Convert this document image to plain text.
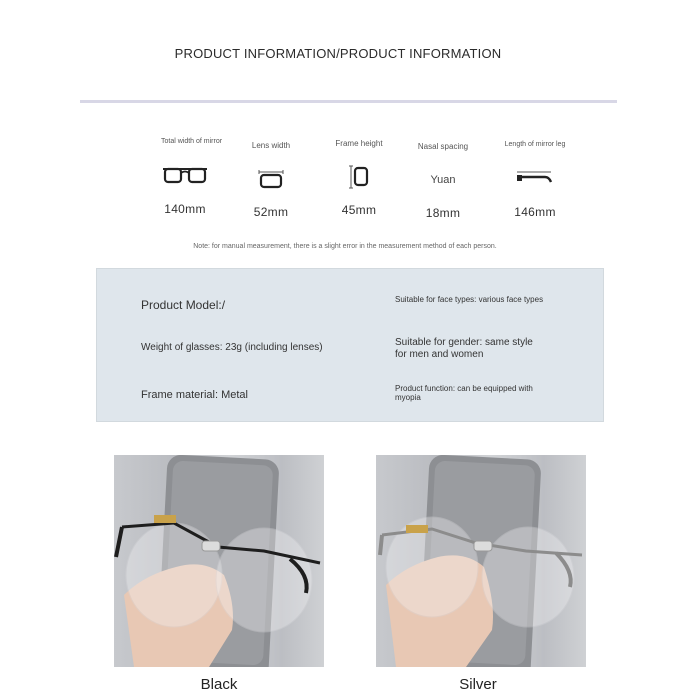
PRODUCT INFORMATION/PRODUCT INFORMATION
Total width of mirror
140mm
Lens width
52mm
Frame height
45mm
Nasal spacing
Yuan
18mm
Length of mirror leg
146mm
Note: for manual measurement, there is a slight error in the measurement method of each person.
Product Model:/
Weight of glasses: 23g (including lenses)
Frame material: Metal
Suitable for face types: various face types
Suitable for gender: same style for men and women
Product function: can be equipped with myopia
Black	Silver
